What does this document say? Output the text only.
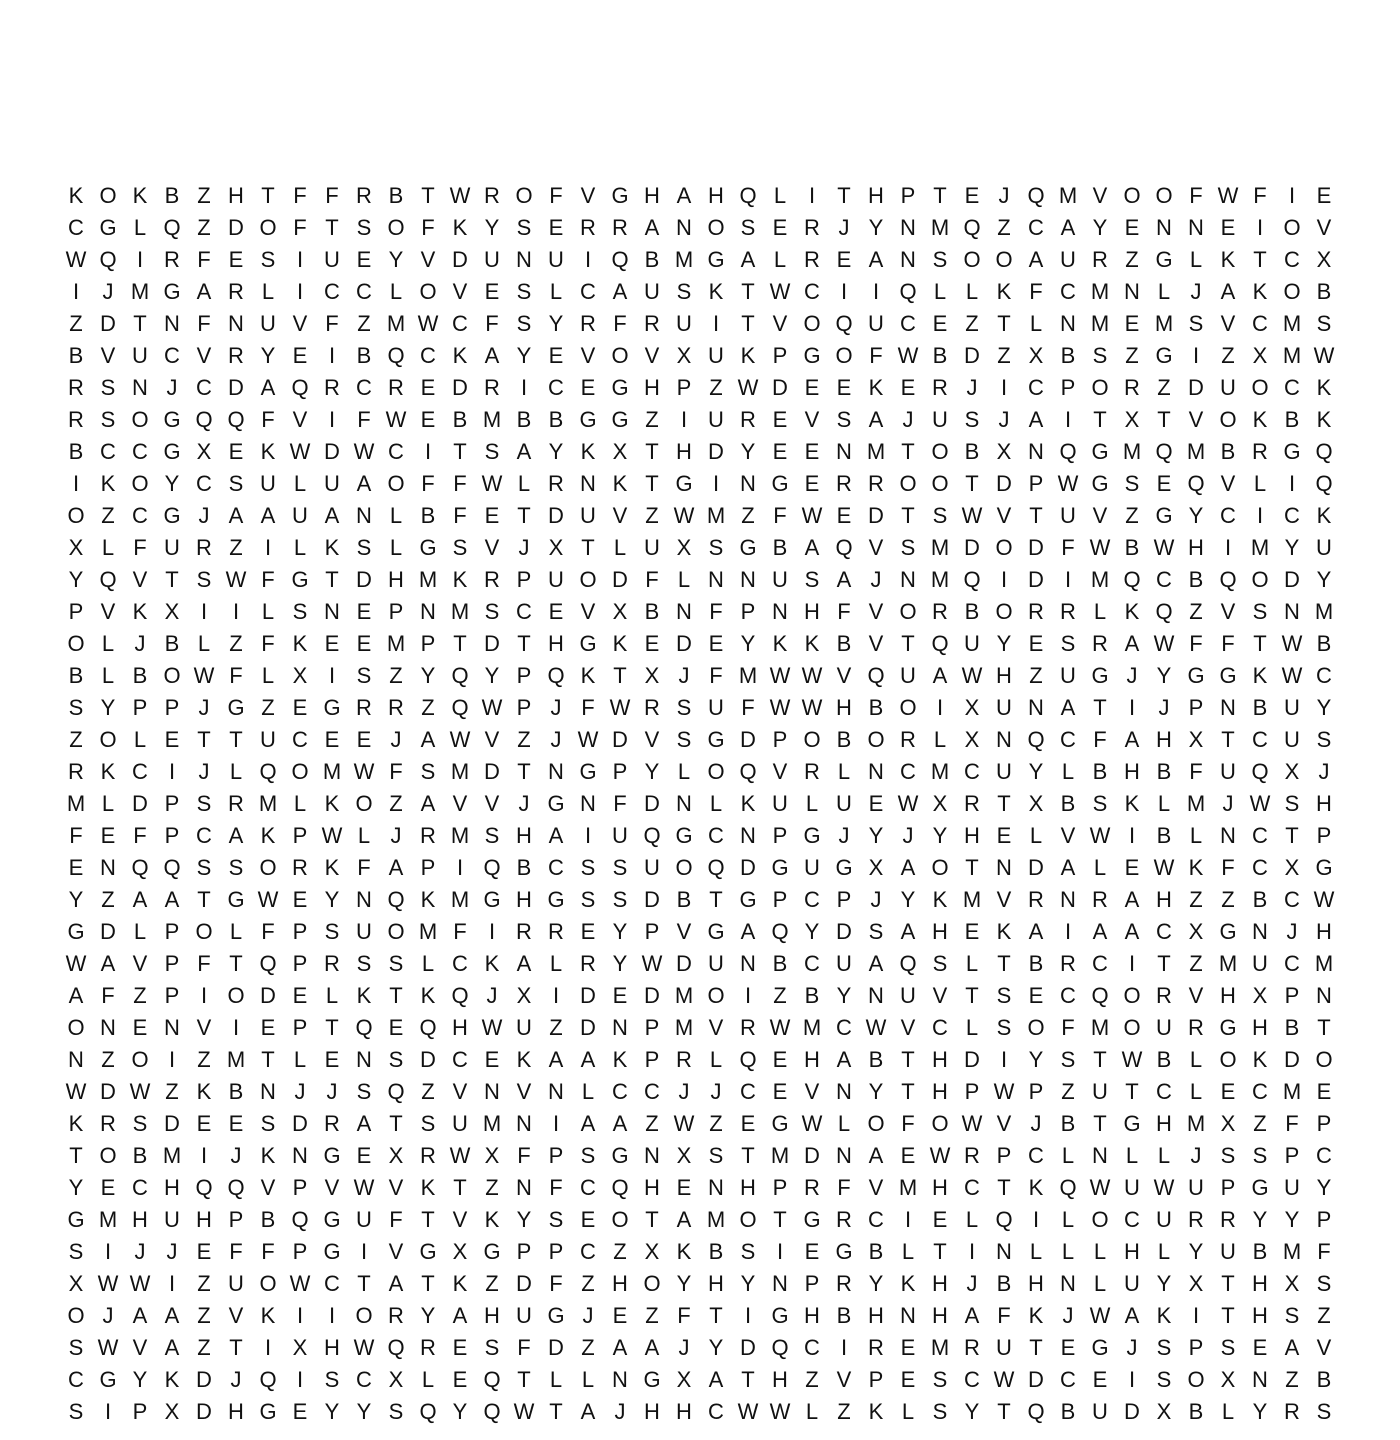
K O K B Z H T F F R B T W R O F V G H A H Q L	I	T H P T E J Q M V O O F W F	I E
C G L Q Z D O F T S O F K Y S E R R A N O S E R J Y N M Q Z C A Y E N N E I O V
W Q I R F E S I U E Y V D U N U I Q B M G A L R E A N S O O A U R Z G L K T C X
I	J M G A R L	I C C L O V E S L C A U S K T W C I	I Q L L K F C M N L J A K O B
Z D T N F N U V F Z M W C F S Y R F R U I	T V O Q U C E Z T L N M E M S V C M S
B V U C V R Y E I B Q C K A Y E V O V X U K P G O F W B D Z X B S Z G I	Z X M W
R S N J C D A Q R C R E D R I C E G H P Z W D E E K E R J	I C P O R Z D U O C K
R S O G Q Q F V I	F W E B M B B G G Z	I U R E V S A J U S J A I	T X T V O K B K
B C C G X E K W D W C I	T S A Y K X T H D Y E E N M T O B X N Q G M Q M B R G Q
I K O Y C S U L U A O F F W L R N K T G I N G E R R O O T D P W G S E Q V L	I Q
O Z C G J A A U A N L B F E T D U V Z W M Z F W E D T S W V T U V Z G Y C I C K
X L F U R Z	I	L K S L G S V J X T L U X S G B A Q V S M D O D F W B W H I M Y U
Y Q V T S W F G T D H M K R P U O D F L N N U S A J N M Q I D I M Q C B Q O D Y
P V K X I	I	L S N E P N M S C E V X B N F P N H F V O R B O R R L K Q Z V S N M
O L J B L Z F K E E M P T D T H G K E D E Y K K B V T Q U Y E S R A W F F T W B
B L B O W F L X I S Z Y Q Y P Q K T X J F M W W V Q U A W H Z U G J Y G G K W C
S Y P P J G Z E G R R Z Q W P J F W R S U F W W H B O I X U N A T	I	J P N B U Y
Z O L E T T U C E E J A W V Z J W D V S G D P O B O R L X N Q C F A H X T C U S
R K C I	J L Q O M W F S M D T N G P Y L O Q V R L N C M C U Y L B H B F U Q X J
M L D P S R M L K O Z A V V J G N F D N L K U L U E W X R T X B S K L M J W S H
F E F P C A K P W L J R M S H A I U Q G C N P G J Y J Y H E L V W I B L N C T P
E N Q Q S S O R K F A P I Q B C S S U O Q D G U G X A O T N D A L E W K F C X G
Y Z A A T G W E Y N Q K M G H G S S D B T G P C P J Y K M V R N R A H Z Z B C W
G D L P O L F P S U O M F	I R R E Y P V G A Q Y D S A H E K A I A A C X G N J H
W A V P F T Q P R S S L C K A L R Y W D U N B C U A Q S L T B R C I	T Z M U C M
A F Z P I O D E L K T K Q J X I D E D M O I	Z B Y N U V T S E C Q O R V H X P N
O N E N V I E P T Q E Q H W U Z D N P M V R W M C W V C L S O F M O U R G H B T
N Z O I	Z M T L E N S D C E K A A K P R L Q E H A B T H D I Y S T W B L O K D O
W D W Z K B N J J S Q Z V N V N L C C J J C E V N Y T H P W P Z U T C L E C M E
K R S D E E S D R A T S U M N I A A Z W Z E G W L O F O W V J B T G H M X Z F P
T O B M I	J K N G E X R W X F P S G N X S T M D N A E W R P C L N L L J S S P C
Y E C H Q Q V P V W V K T Z N F C Q H E N H P R F V M H C T K Q W U W U P G U Y
G M H U H P B Q G U F T V K Y S E O T A M O T G R C I E L Q I	L O C U R R Y Y P
S I	J J E F F P G I V G X G P P C Z X K B S I E G B L T	I N L L L H L Y U B M F
X W W I	Z U O W C T A T K Z D F Z H O Y H Y N P R Y K H J B H N L U Y X T H X S
O J A A Z V K I	I O R Y A H U G J E Z F T	I G H B H N H A F K J W A K I	T H S Z
S W V A Z T	I X H W Q R E S F D Z A A J Y D Q C I R E M R U T E G J S P S E A V
C G Y K D J Q I S C X L E Q T L L N G X A T H Z V P E S C W D C E I S O X N Z B
S I P X D H G E Y Y S Q Y Q W T A J H H C W W L Z K L S Y T Q B U D X B L Y R S
